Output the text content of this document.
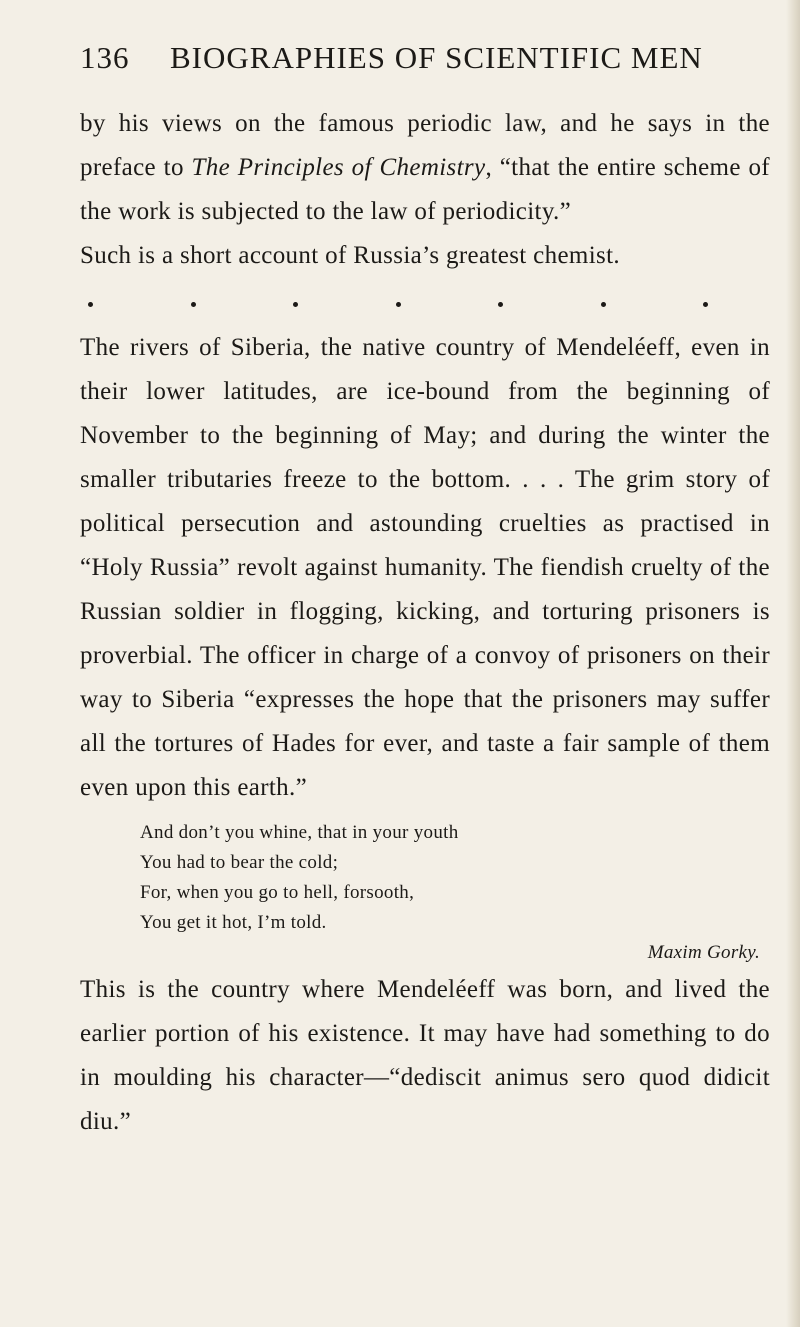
136 BIOGRAPHIES OF SCIENTIFIC MEN

by his views on the famous periodic law, and he says in the preface to The Principles of Chemistry, “that the entire scheme of the work is subjected to the law of periodicity.”

Such is a short account of Russia’s greatest chemist.

The rivers of Siberia, the native country of Mendeléeff, even in their lower latitudes, are ice-bound from the beginning of November to the beginning of May; and during the winter the smaller tributaries freeze to the bottom. . . . The grim story of political persecution and astounding cruelties as practised in “Holy Russia” revolt against humanity. The fiendish cruelty of the Russian soldier in flogging, kicking, and torturing prisoners is proverbial. The officer in charge of a convoy of prisoners on their way to Siberia “expresses the hope that the prisoners may suffer all the tortures of Hades for ever, and taste a fair sample of them even upon this earth.”

And don’t you whine, that in your youth
You had to bear the cold;
For, when you go to hell, forsooth,
You get it hot, I’m told.
Maxim Gorky.

This is the country where Mendeléeff was born, and lived the earlier portion of his existence. It may have had something to do in moulding his character—“dediscit animus sero quod didicit diu.”
